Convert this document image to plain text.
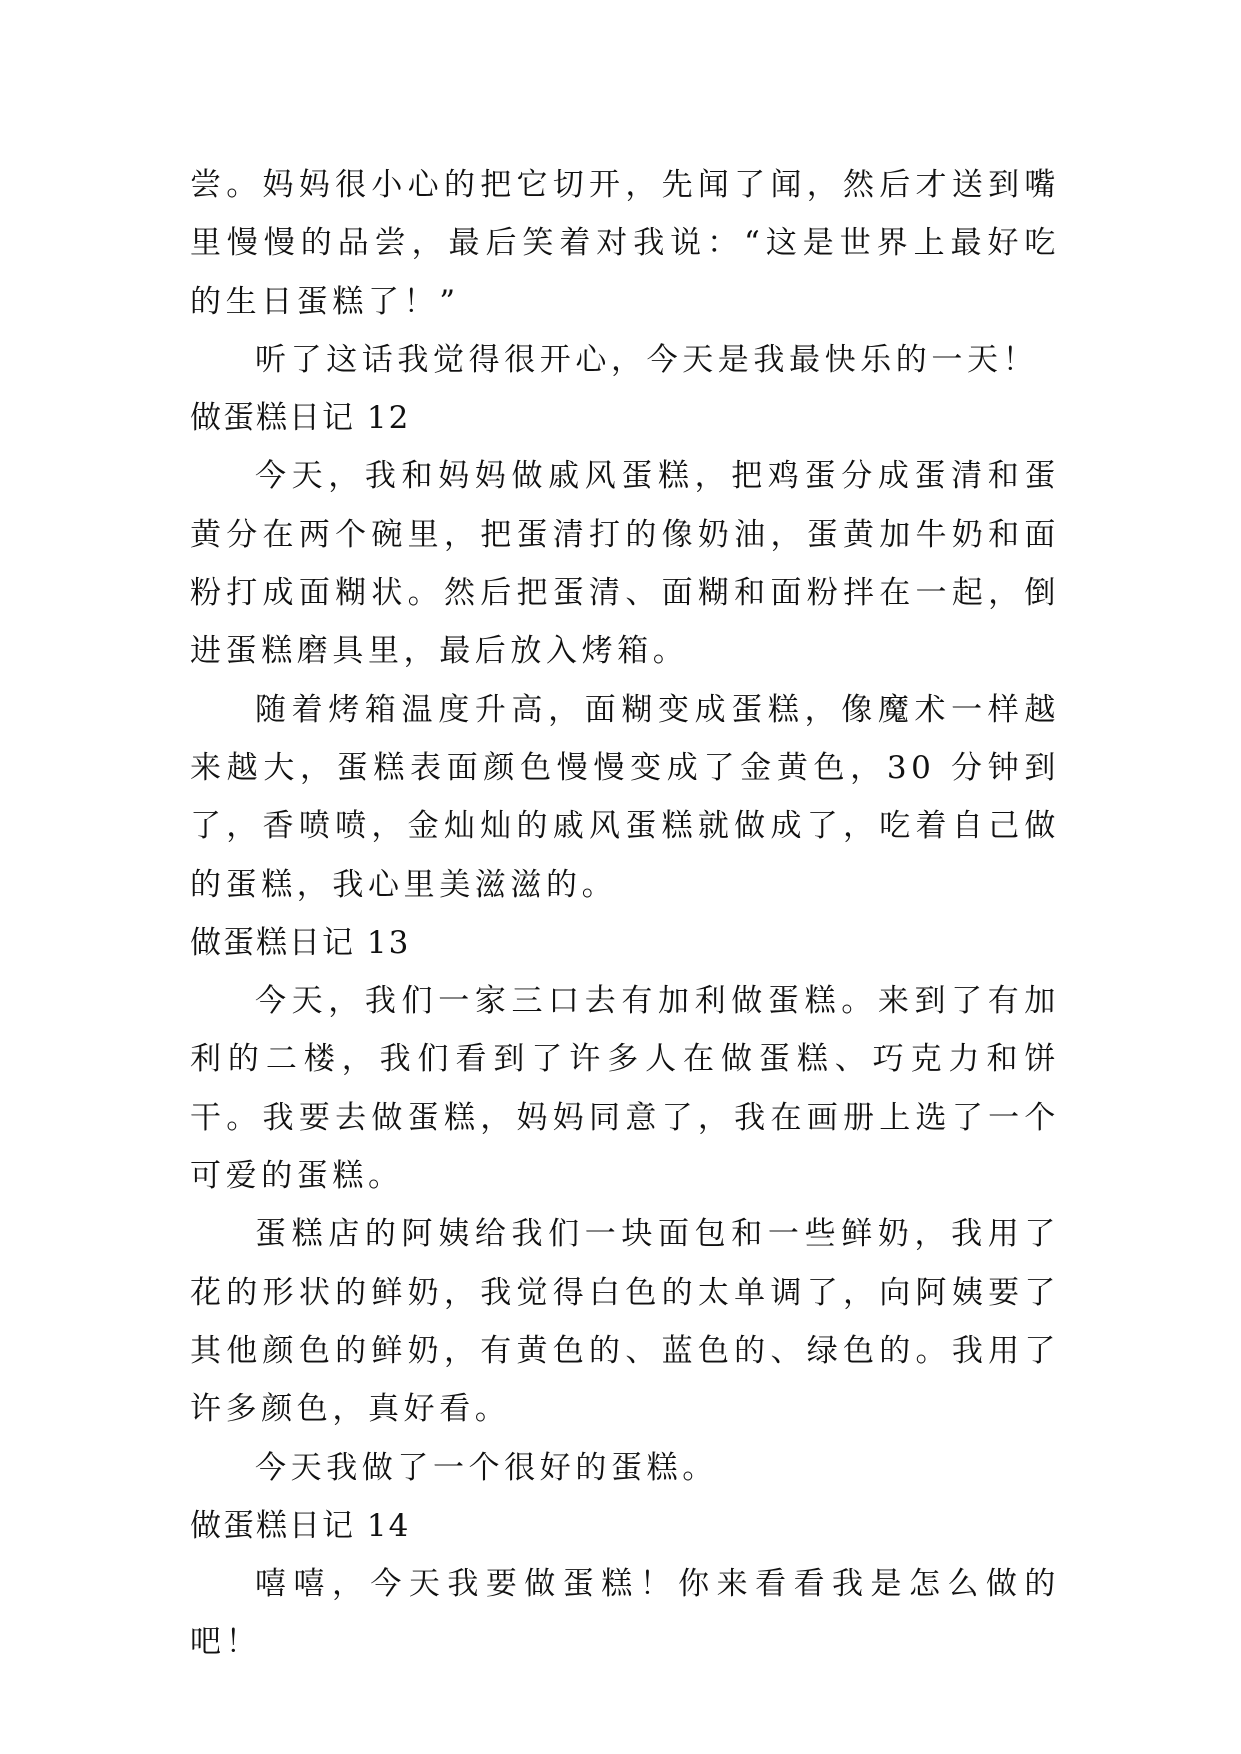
尝。妈妈很小心的把它切开，先闻了闻，然后才送到嘴里慢慢的品尝，最后笑着对我说：“这是世界上最好吃的生日蛋糕了！”

听了这话我觉得很开心，今天是我最快乐的一天！

做蛋糕日记 12

今天，我和妈妈做戚风蛋糕，把鸡蛋分成蛋清和蛋黄分在两个碗里，把蛋清打的像奶油，蛋黄加牛奶和面粉打成面糊状。然后把蛋清、面糊和面粉拌在一起，倒进蛋糕磨具里，最后放入烤箱。

随着烤箱温度升高，面糊变成蛋糕，像魔术一样越来越大，蛋糕表面颜色慢慢变成了金黄色，30 分钟到了，香喷喷，金灿灿的戚风蛋糕就做成了，吃着自己做的蛋糕，我心里美滋滋的。

做蛋糕日记 13

今天，我们一家三口去有加利做蛋糕。来到了有加利的二楼，我们看到了许多人在做蛋糕、巧克力和饼干。我要去做蛋糕，妈妈同意了，我在画册上选了一个可爱的蛋糕。

蛋糕店的阿姨给我们一块面包和一些鲜奶，我用了花的形状的鲜奶，我觉得白色的太单调了，向阿姨要了其他颜色的鲜奶，有黄色的、蓝色的、绿色的。我用了许多颜色，真好看。

今天我做了一个很好的蛋糕。

做蛋糕日记 14

嘻嘻，今天我要做蛋糕！你来看看我是怎么做的吧！
